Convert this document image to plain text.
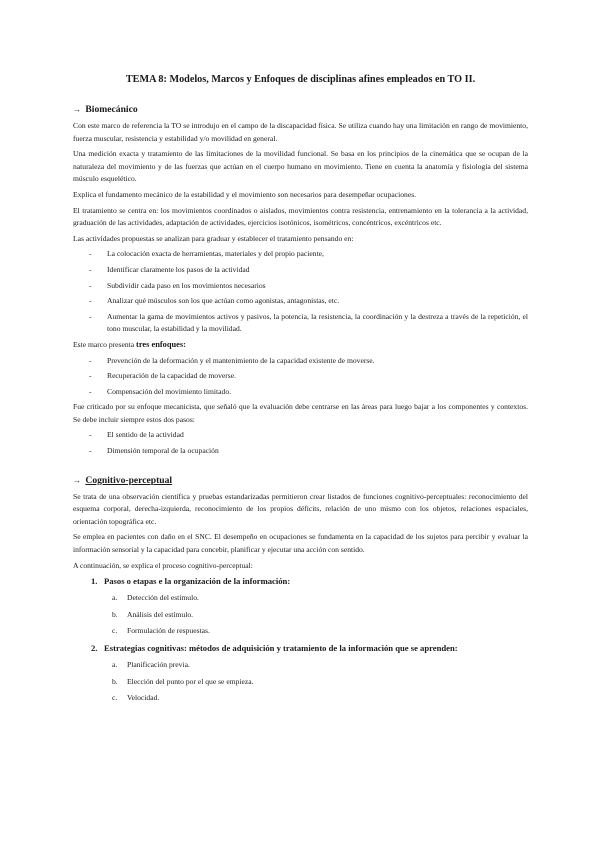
TEMA 8: Modelos, Marcos y Enfoques de disciplinas afines empleados en TO II.
→ Biomecánico

Con este marco de referencia la TO se introdujo en el campo de la discapacidad física. Se utiliza cuando hay una limitación en rango de movimiento, fuerza muscular, resistencia y estabilidad y/o movilidad en general.

Una medición exacta y tratamiento de las limitaciones de la movilidad funcional. Se basa en los principios de la cinemática que se ocupan de la naturaleza del movimiento y de las fuerzas que actúan en el cuerpo humano en movimiento. Tiene en cuenta la anatomía y fisiología del sistema músculo esquelético.

Explica el fundamento mecánico de la estabilidad y el movimiento son necesarios para desempeñar ocupaciones.

El tratamiento se centra en: los movimientos coordinados o aislados, movimientos contra resistencia, entrenamiento en la tolerancia a la actividad, graduación de las actividades, adaptación de actividades, ejercicios isotónicos, isométricos, concéntricos, excéntricos etc.

Las actividades propuestas se analizan para graduar y establecer el tratamiento pensando en:

- La colocación exacta de herramientas, materiales y del propio paciente,
- Identificar claramente los pasos de la actividad
- Subdividir cada paso en los movimientos necesarios
- Analizar qué músculos son los que actúan como agonistas, antagonistas, etc.
- Aumentar la gama de movimientos activos y pasivos, la potencia, la resistencia, la coordinación y la destreza a través de la repetición, el tono muscular, la estabilidad y la movilidad.

Este marco presenta tres enfoques:

- Prevención de la deformación y el mantenimiento de la capacidad existente de moverse.
- Recuperación de la capacidad de moverse.
- Compensación del movimiento limitado.

Fue criticado por su enfoque mecanicista, que señaló que la evaluación debe centrarse en las áreas para luego bajar a los componentes y contextos. Se debe incluir siempre estos dos pasos:

- El sentido de la actividad
- Dimensión temporal de la ocupación
→ Cognitivo-perceptual

Se trata de una observación científica y pruebas estandarizadas permitieron crear listados de funciones cognitivo-perceptuales: reconocimiento del esquema corporal, derecha-izquierda, reconocimiento de los propios déficits, relación de uno mismo con los objetos, relaciones espaciales, orientación topográfica etc.

Se emplea en pacientes con daño en el SNC. El desempeño en ocupaciones se fundamenta en la capacidad de los sujetos para percibir y evaluar la información sensorial y la capacidad para concebir, planificar y ejecutar una acción con sentido.

A continuación, se explica el proceso cognitivo-perceptual:

1. Pasos o etapas e la organización de la información:
a. Detección del estímulo.
b. Análisis del estímulo.
c. Formulación de respuestas.
2. Estrategias cognitivas: métodos de adquisición y tratamiento de la información que se aprenden:
a. Planificación previa.
b. Elección del punto por el que se empieza.
c. Velocidad.
